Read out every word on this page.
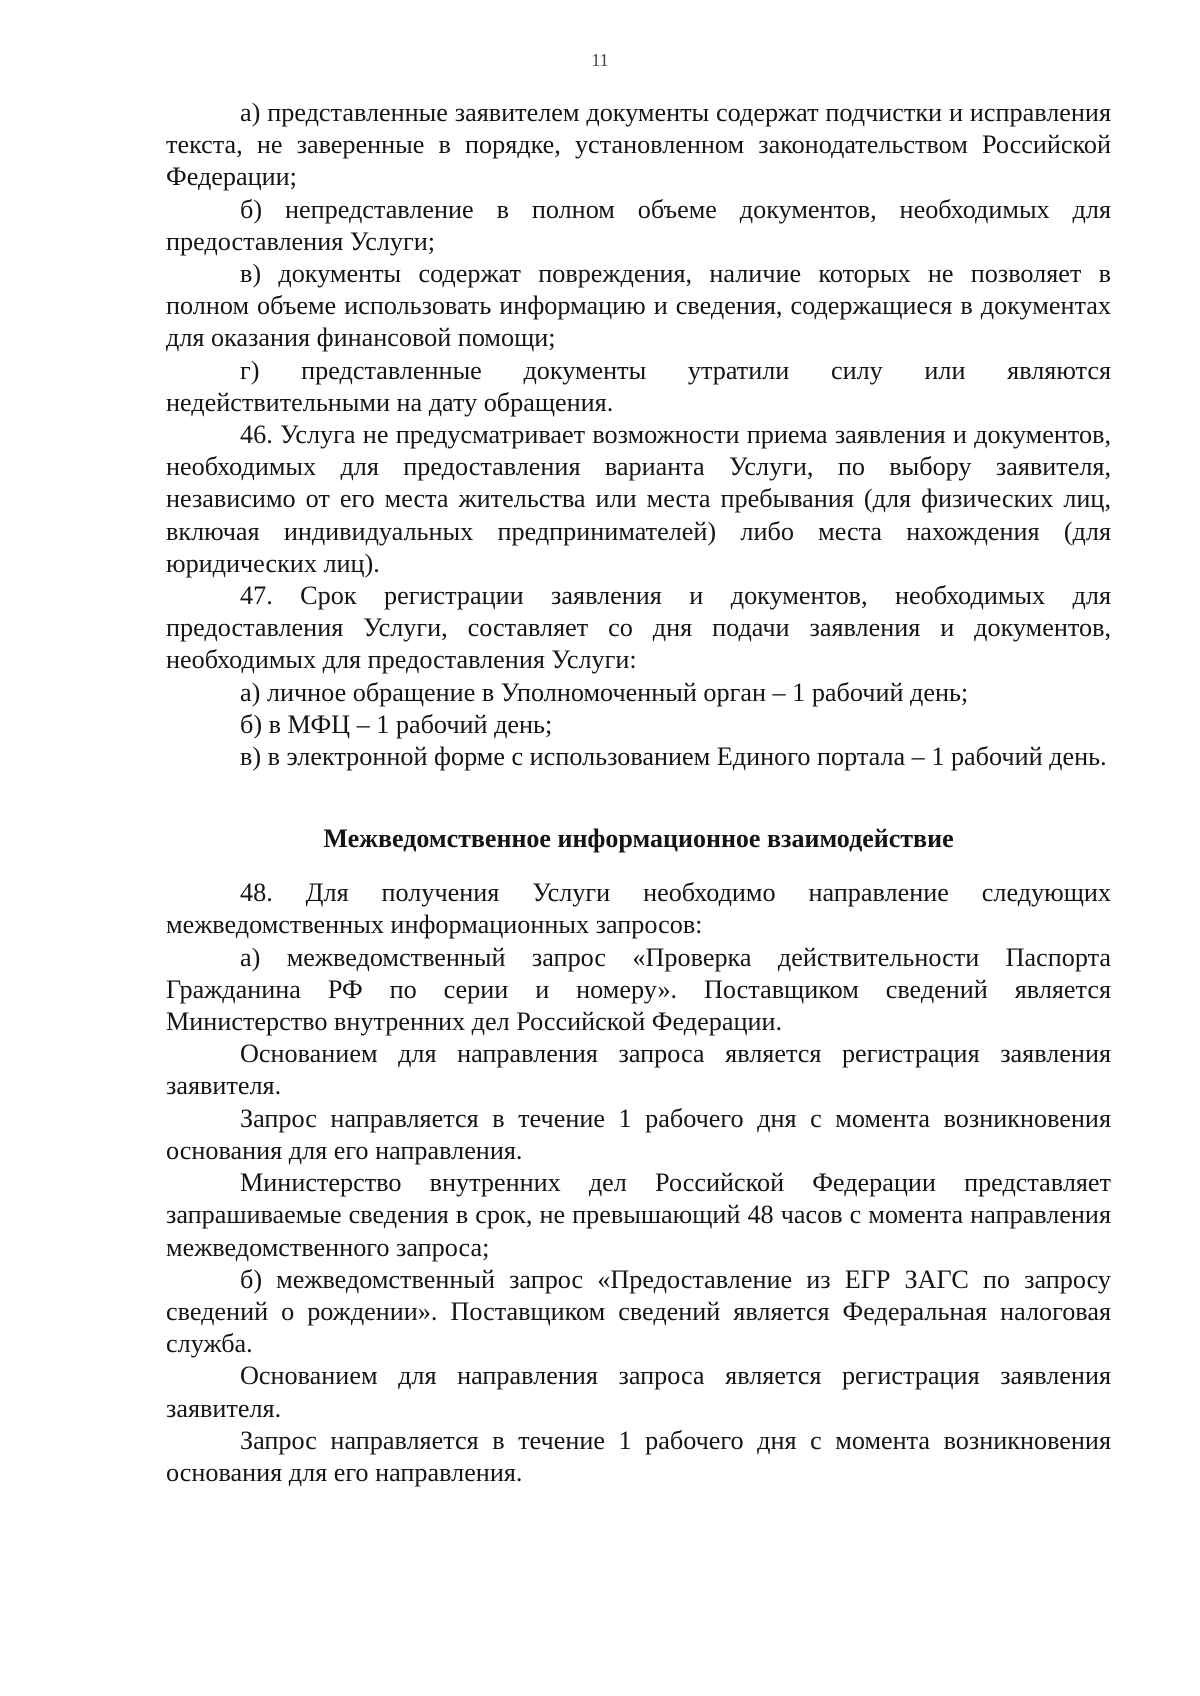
11

а) представленные заявителем документы содержат подчистки и исправления текста, не заверенные в порядке, установленном законодательством Российской Федерации;

б) непредставление в полном объеме документов, необходимых для предоставления Услуги;

в) документы содержат повреждения, наличие которых не позволяет в полном объеме использовать информацию и сведения, содержащиеся в документах для оказания финансовой помощи;

г) представленные документы утратили силу или являются недействительными на дату обращения.

46. Услуга не предусматривает возможности приема заявления и документов, необходимых для предоставления варианта Услуги, по выбору заявителя, независимо от его места жительства или места пребывания (для физических лиц, включая индивидуальных предпринимателей) либо места нахождения (для юридических лиц).

47. Срок регистрации заявления и документов, необходимых для предоставления Услуги, составляет со дня подачи заявления и документов, необходимых для предоставления Услуги:

а) личное обращение в Уполномоченный орган – 1 рабочий день;

б) в МФЦ – 1 рабочий день;

в) в электронной форме с использованием Единого портала – 1 рабочий день.

Межведомственное информационное взаимодействие

48. Для получения Услуги необходимо направление следующих межведомственных информационных запросов:

а) межведомственный запрос «Проверка действительности Паспорта Гражданина РФ по серии и номеру». Поставщиком сведений является Министерство внутренних дел Российской Федерации.

Основанием для направления запроса является регистрация заявления заявителя.

Запрос направляется в течение 1 рабочего дня с момента возникновения основания для его направления.

Министерство внутренних дел Российской Федерации представляет запрашиваемые сведения в срок, не превышающий 48 часов с момента направления межведомственного запроса;

б) межведомственный запрос «Предоставление из ЕГР ЗАГС по запросу сведений о рождении». Поставщиком сведений является Федеральная налоговая служба.

Основанием для направления запроса является регистрация заявления заявителя.

Запрос направляется в течение 1 рабочего дня с момента возникновения основания для его направления.
